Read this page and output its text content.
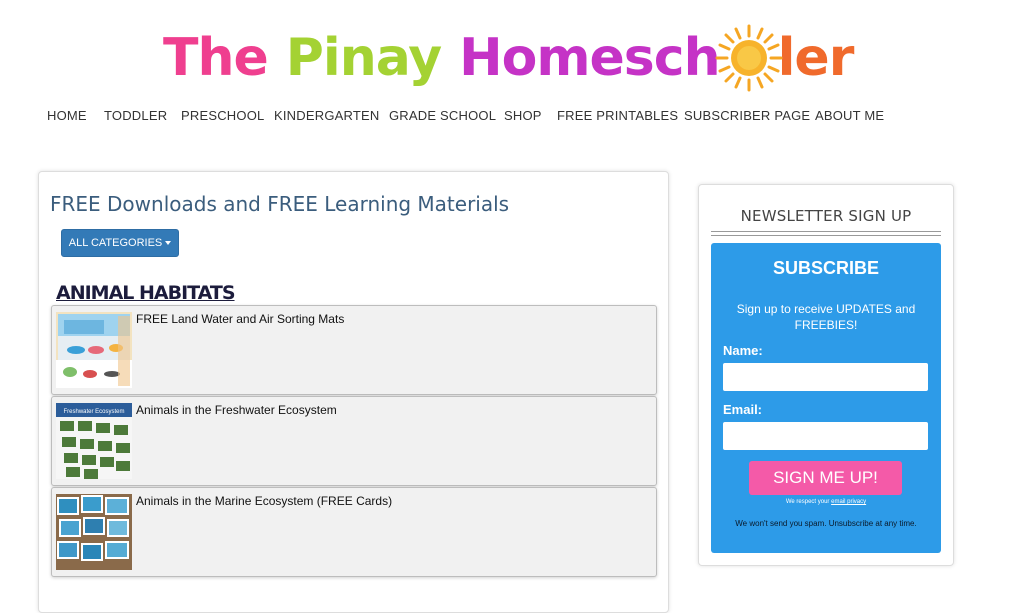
The Pinay Homesch ler
HOME TODDLER PRESCHOOL KINDERGARTEN GRADE SCHOOL SHOP FREE PRINTABLES SUBSCRIBER PAGE ABOUT ME
FREE Downloads and FREE Learning Materials
ALL CATEGORIES
ANIMAL HABITATS
FREE Land Water and Air Sorting Mats
Freshwater Ecosystem Animals in the Freshwater Ecosystem
Animals in the Marine Ecosystem (FREE Cards)
NEWSLETTER SIGN UP
SUBSCRIBE
Sign up to receive UPDATES and FREEBIES!
Name:
Email:
SIGN ME UP!
We respect your email privacy
We won't send you spam. Unsubscribe at any time.
